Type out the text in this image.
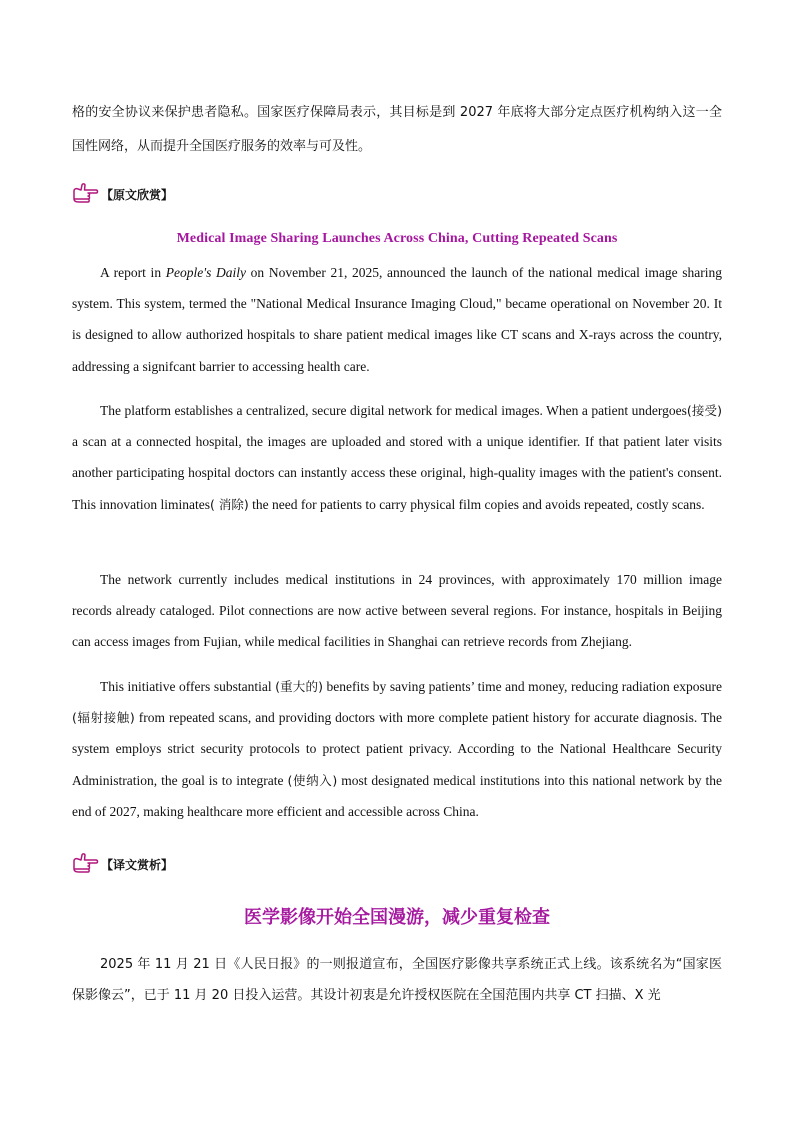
格的安全协议来保护患者隐私。国家医疗保障局表示，其目标是到 2027 年底将大部分定点医疗机构纳入这一全国性网络，从而提升全国医疗服务的效率与可及性。

【原文欣赏】
Medical Image Sharing Launches Across China, Cutting Repeated Scans

A report in People's Daily on November 21, 2025, announced the launch of the national medical image sharing system. This system, termed the "National Medical Insurance Imaging Cloud," became operational on November 20. It is designed to allow authorized hospitals to share patient medical images like CT scans and X-rays across the country, addressing a signifcant barrier to accessing health care.

The platform establishes a centralized, secure digital network for medical images. When a patient undergoes(接受) a scan at a connected hospital, the images are uploaded and stored with a unique identifier. If that patient later visits another participating hospital doctors can instantly access these original, high-quality images with the patient's consent. This innovation liminates( 消除) the need for patients to carry physical film copies and avoids repeated, costly scans.

The network currently includes medical institutions in 24 provinces, with approximately 170 million image records already cataloged. Pilot connections are now active between several regions. For instance, hospitals in Beijing can access images from Fujian, while medical facilities in Shanghai can retrieve records from Zhejiang.

This initiative offers substantial (重大的) benefits by saving patients’ time and money, reducing radiation exposure (辐射接触) from repeated scans, and providing doctors with more complete patient history for accurate diagnosis. The system employs strict security protocols to protect patient privacy. According to the National Healthcare Security Administration, the goal is to integrate (使纳入) most designated medical institutions into this national network by the end of 2027, making healthcare more efficient and accessible across China.

【译文赏析】
医学影像开始全国漫游，减少重复检查

2025 年 11 月 21 日《人民日报》的一则报道宣布，全国医疗影像共享系统正式上线。该系统名为“国家医保影像云”，已于 11 月 20 日投入运营。其设计初衷是允许授权医院在全国范围内共享 CT 扫描、X 光
